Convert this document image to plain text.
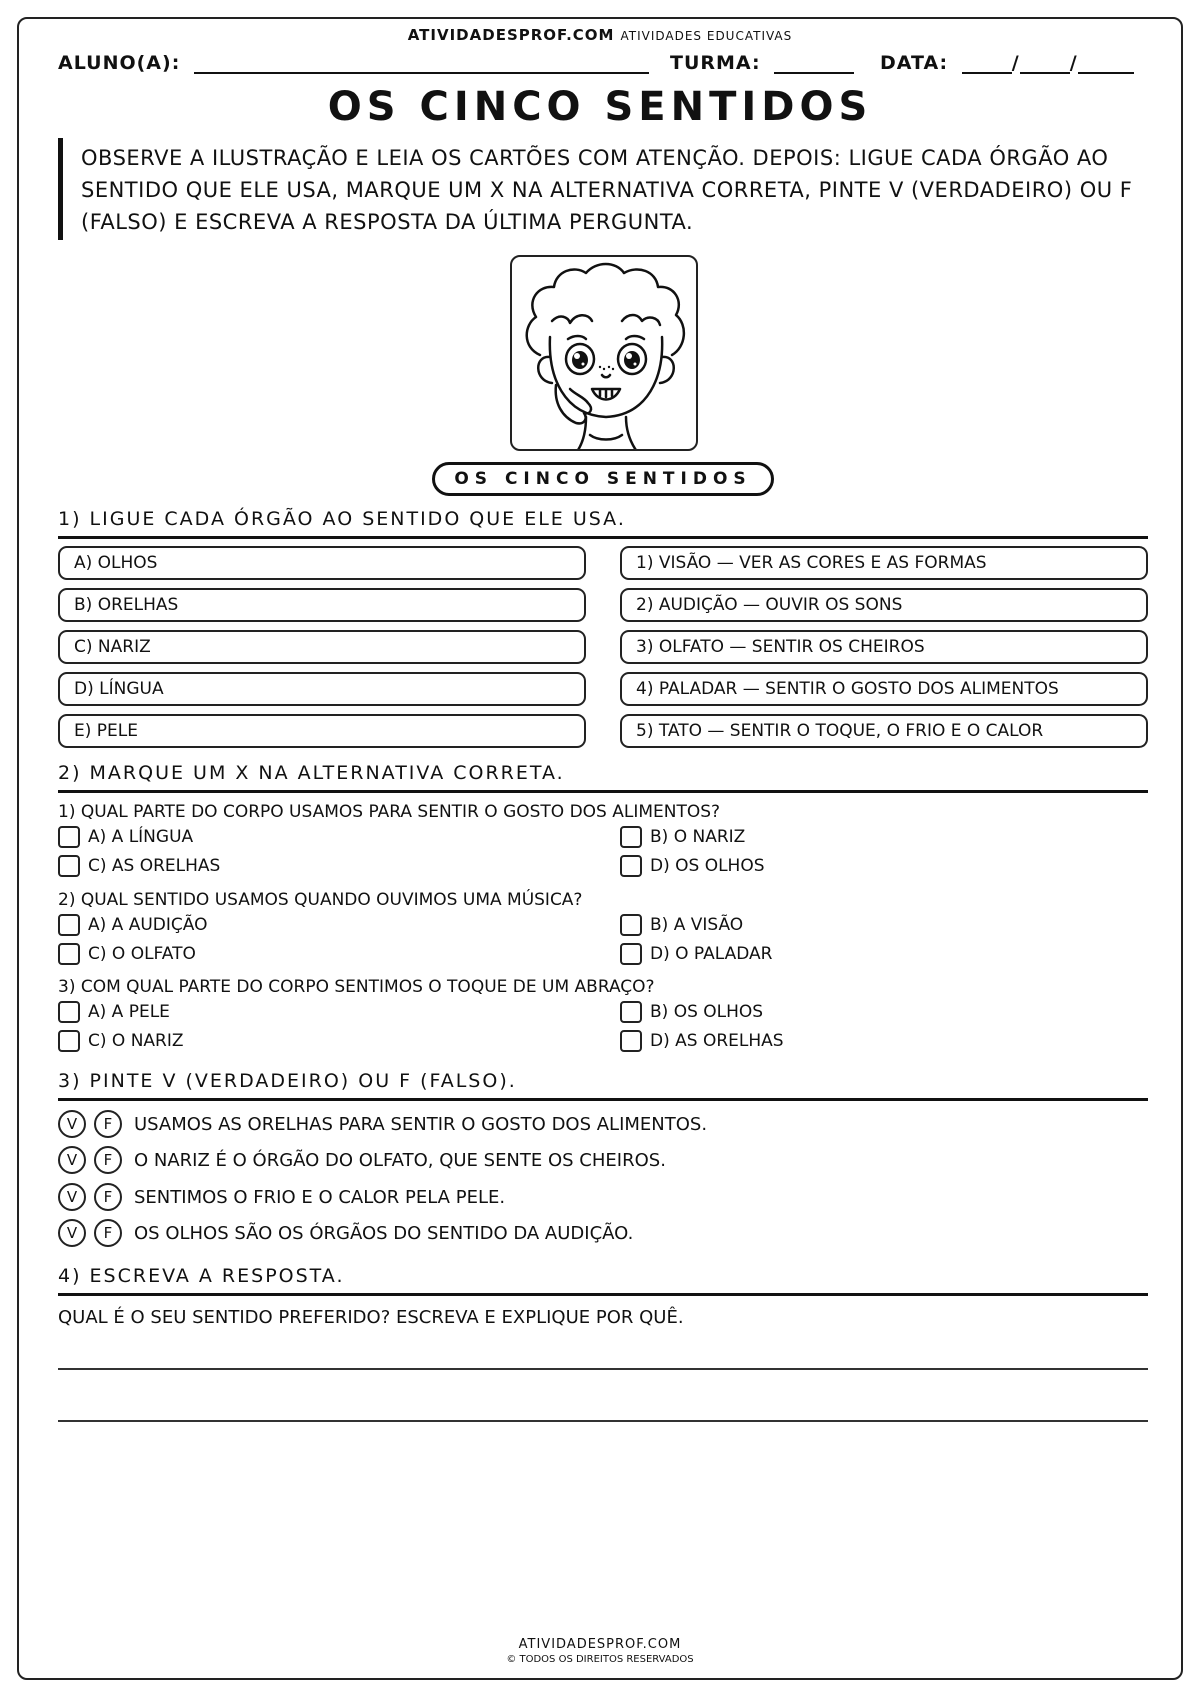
ATIVIDADESPROF.COM ATIVIDADES EDUCATIVAS
ALUNO(A):	TURMA:	DATA:	/	/
OS CINCO SENTIDOS
OBSERVE A ILUSTRAÇÃO E LEIA OS CARTÕES COM ATENÇÃO. DEPOIS: LIGUE CADA ÓRGÃO AO SENTIDO QUE ELE USA, MARQUE UM X NA ALTERNATIVA CORRETA, PINTE V (VERDADEIRO) OU F (FALSO) E ESCREVA A RESPOSTA DA ÚLTIMA PERGUNTA.
OS CINCO SENTIDOS
1) LIGUE CADA ÓRGÃO AO SENTIDO QUE ELE USA.
A) OLHOS
B) ORELHAS
C) NARIZ
D) LÍNGUA
E) PELE
1) VISÃO — VER AS CORES E AS FORMAS
2) AUDIÇÃO — OUVIR OS SONS
3) OLFATO — SENTIR OS CHEIROS
4) PALADAR — SENTIR O GOSTO DOS ALIMENTOS
5) TATO — SENTIR O TOQUE, O FRIO E O CALOR
2) MARQUE UM X NA ALTERNATIVA CORRETA.
1) QUAL PARTE DO CORPO USAMOS PARA SENTIR O GOSTO DOS ALIMENTOS?
A) A LÍNGUA	B) O NARIZ
C) AS ORELHAS	D) OS OLHOS
2) QUAL SENTIDO USAMOS QUANDO OUVIMOS UMA MÚSICA?
A) A AUDIÇÃO	B) A VISÃO
C) O OLFATO	D) O PALADAR
3) COM QUAL PARTE DO CORPO SENTIMOS O TOQUE DE UM ABRAÇO?
A) A PELE	B) OS OLHOS
C) O NARIZ	D) AS ORELHAS
3) PINTE V (VERDADEIRO) OU F (FALSO).
V F USAMOS AS ORELHAS PARA SENTIR O GOSTO DOS ALIMENTOS.
V F O NARIZ É O ÓRGÃO DO OLFATO, QUE SENTE OS CHEIROS.
V F SENTIMOS O FRIO E O CALOR PELA PELE.
V F OS OLHOS SÃO OS ÓRGÃOS DO SENTIDO DA AUDIÇÃO.
4) ESCREVA A RESPOSTA.
QUAL É O SEU SENTIDO PREFERIDO? ESCREVA E EXPLIQUE POR QUÊ.
ATIVIDADESPROF.COM
© TODOS OS DIREITOS RESERVADOS
